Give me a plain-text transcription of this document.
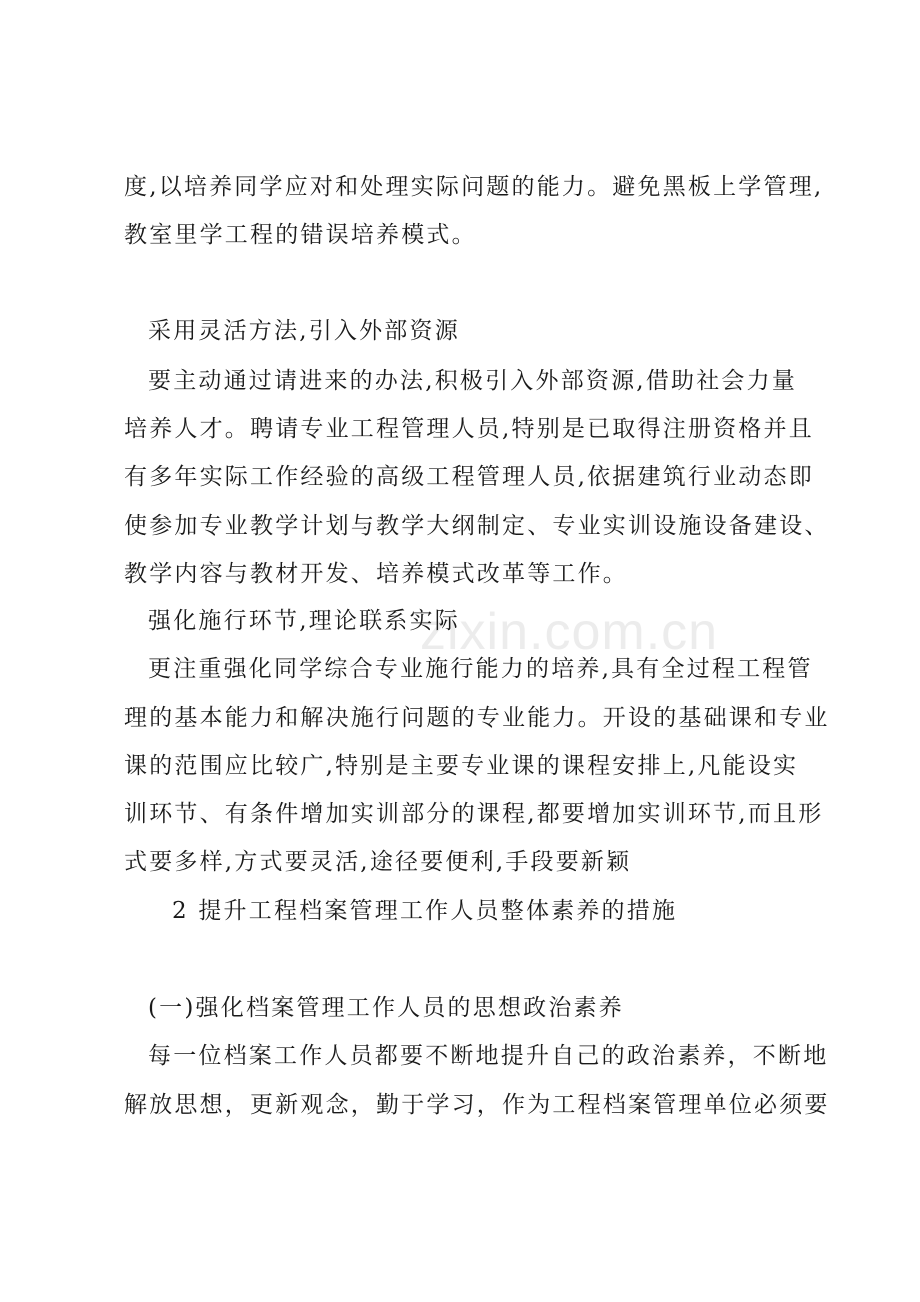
zixin.com.cn
度,以培养同学应对和处理实际问题的能力。避免黑板上学管理,
教室里学工程的错误培养模式。
采用灵活方法,引入外部资源
要主动通过请进来的办法,积极引入外部资源,借助社会力量
培养人才。聘请专业工程管理人员,特别是已取得注册资格并且
有多年实际工作经验的高级工程管理人员,依据建筑行业动态即
使参加专业教学计划与教学大纲制定、专业实训设施设备建设、
教学内容与教材开发、培养模式改革等工作。
强化施行环节,理论联系实际
更注重强化同学综合专业施行能力的培养,具有全过程工程管
理的基本能力和解决施行问题的专业能力。开设的基础课和专业
课的范围应比较广,特别是主要专业课的课程安排上,凡能设实
训环节、有条件增加实训部分的课程,都要增加实训环节,而且形
式要多样,方式要灵活,途径要便利,手段要新颖
2 提升工程档案管理工作人员整体素养的措施
(一)强化档案管理工作人员的思想政治素养
每一位档案工作人员都要不断地提升自己的政治素养，不断地
解放思想，更新观念，勤于学习，作为工程档案管理单位必须要
